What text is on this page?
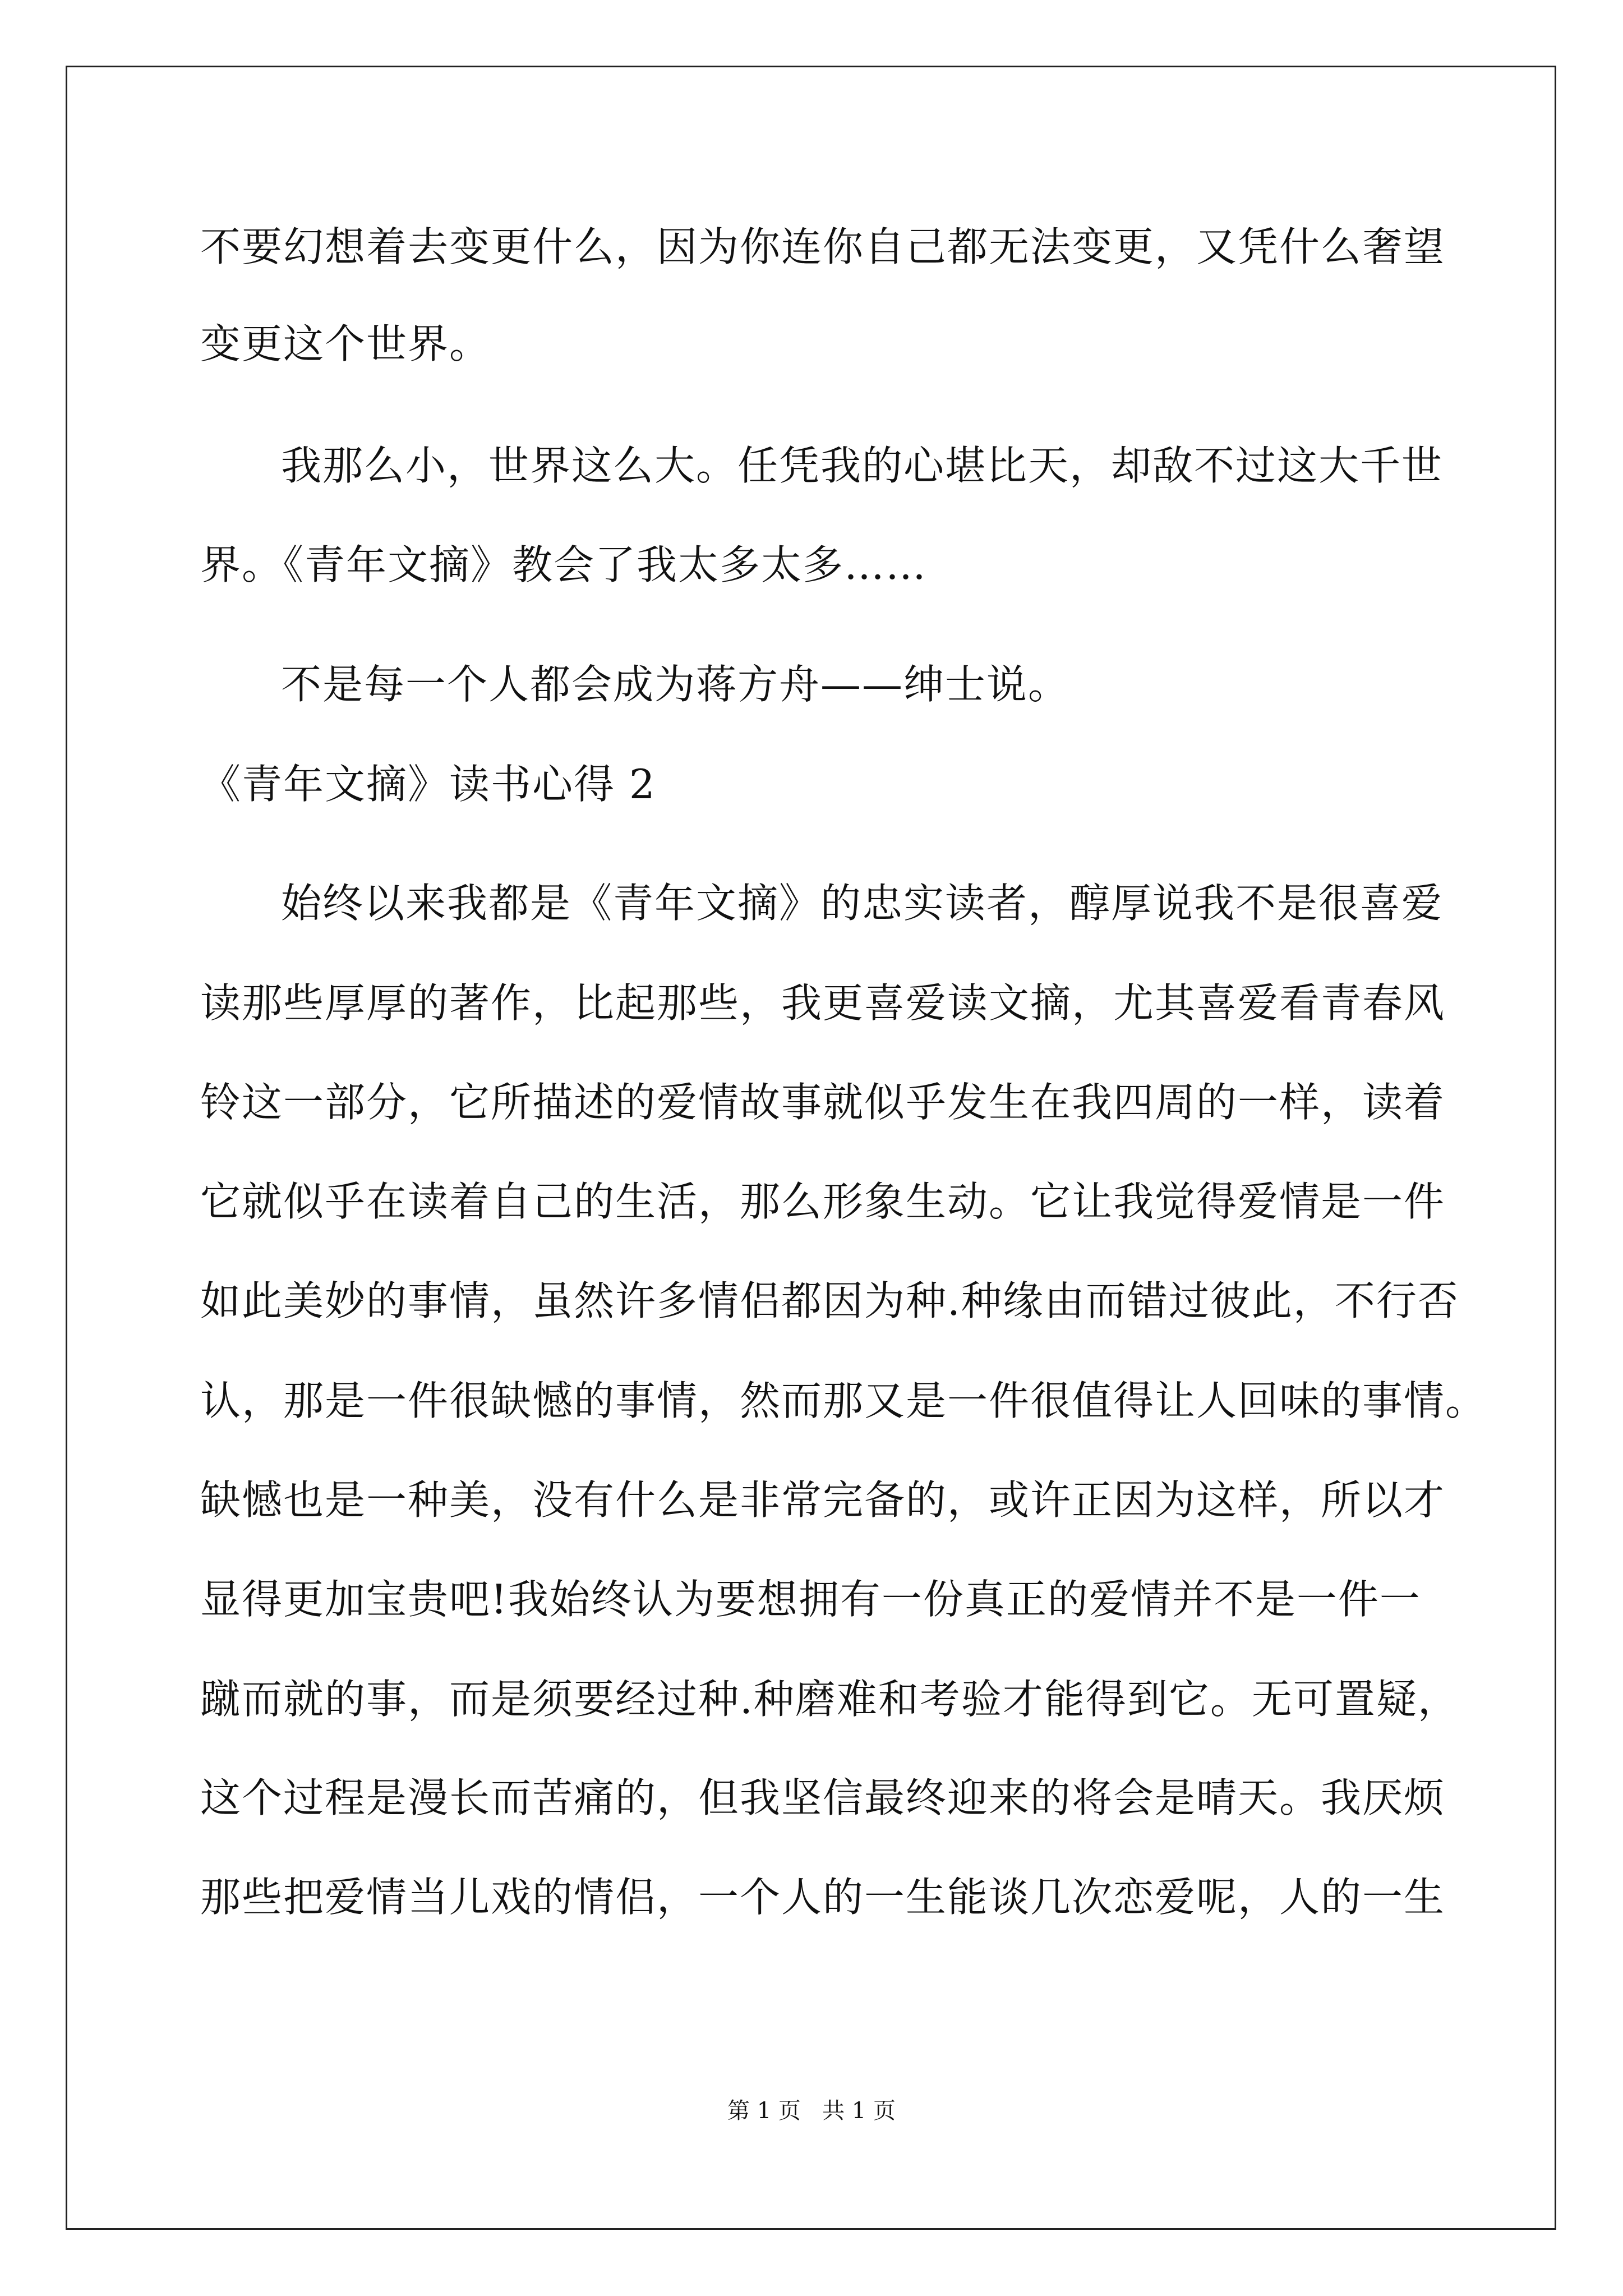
不要幻想着去变更什么，因为你连你自己都无法变更，又凭什么奢望
变更这个世界。
我那么小，世界这么大。任凭我的心堪比天，却敌不过这大千世
界。《青年文摘》教会了我太多太多……
不是每一个人都会成为蒋方舟——绅士说。
《青年文摘》读书心得 2
始终以来我都是《青年文摘》的忠实读者，醇厚说我不是很喜爱
读那些厚厚的著作，比起那些，我更喜爱读文摘，尤其喜爱看青春风
铃这一部分，它所描述的爱情故事就似乎发生在我四周的一样，读着
它就似乎在读着自己的生活，那么形象生动。它让我觉得爱情是一件
如此美妙的事情，虽然许多情侣都因为种.种缘由而错过彼此，不行否
认，那是一件很缺憾的事情，然而那又是一件很值得让人回味的事情。
缺憾也是一种美，没有什么是非常完备的，或许正因为这样，所以才
显得更加宝贵吧!我始终认为要想拥有一份真正的爱情并不是一件一
蹴而就的事，而是须要经过种.种磨难和考验才能得到它。无可置疑，
这个过程是漫长而苦痛的，但我坚信最终迎来的将会是晴天。我厌烦
那些把爱情当儿戏的情侣，一个人的一生能谈几次恋爱呢，人的一生
第 1 页   共 1 页
